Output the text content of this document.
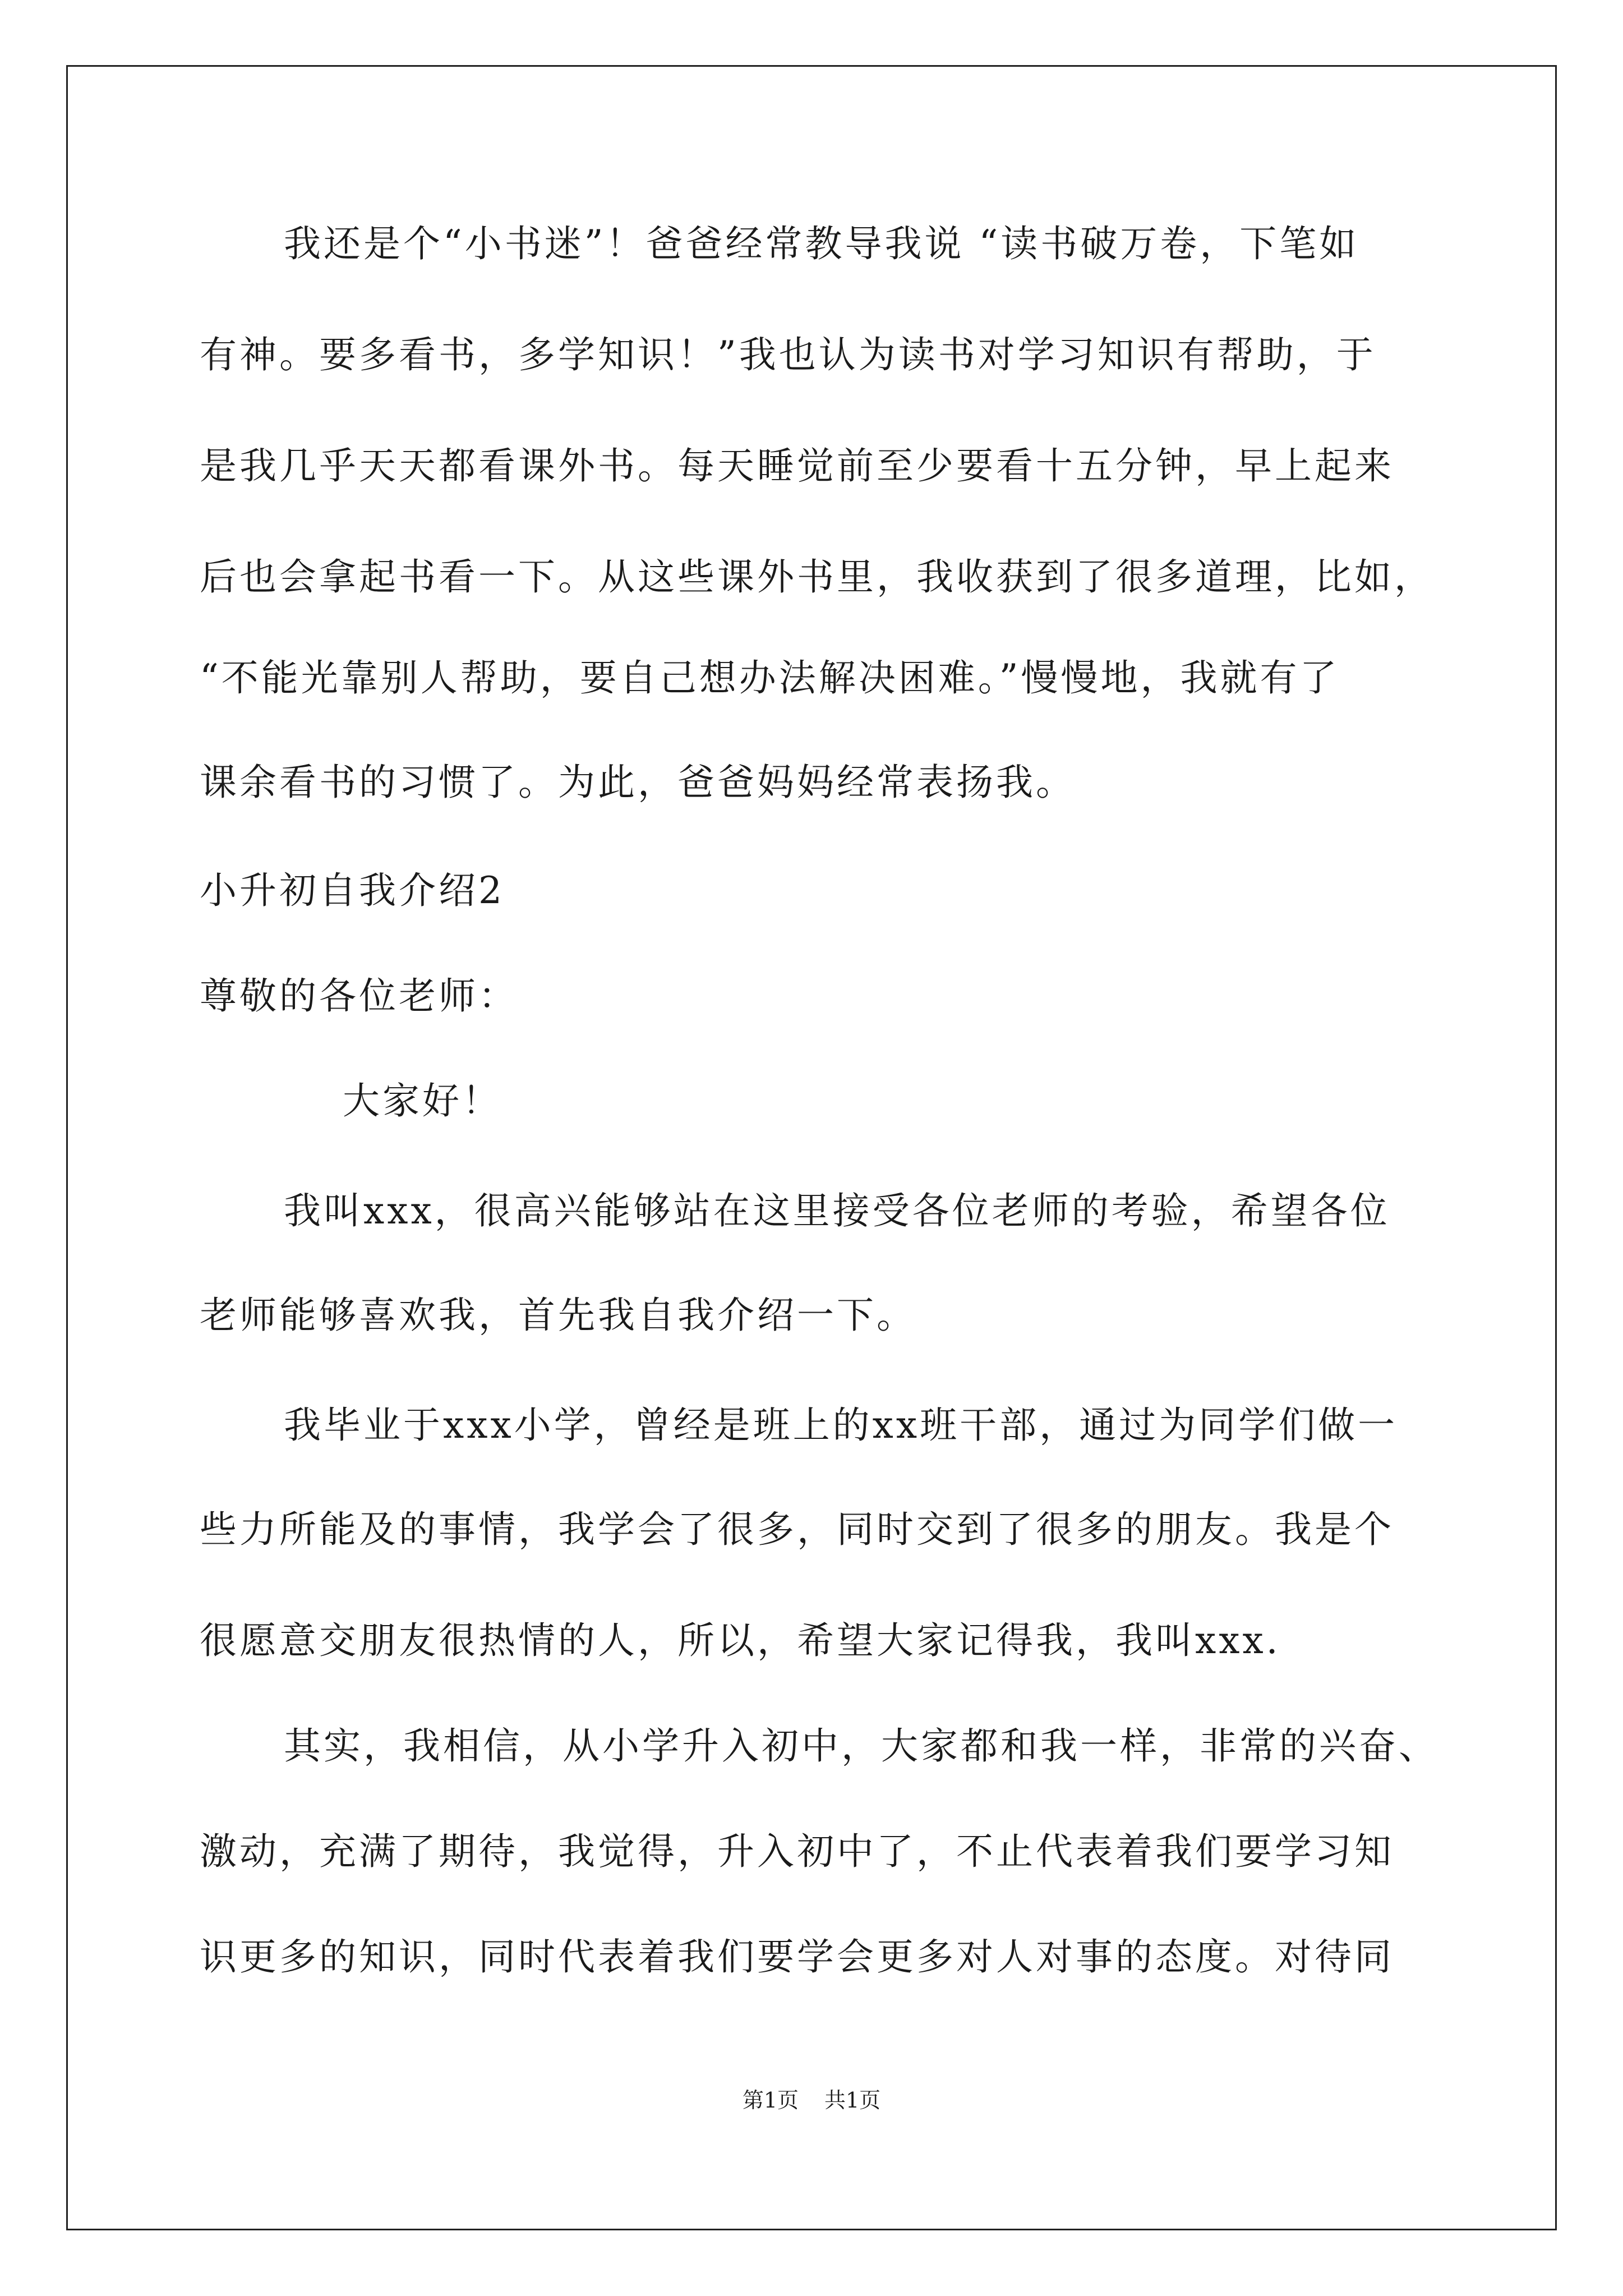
我还是个“小书迷”！爸爸经常教导我说 “读书破万卷，下笔如
有神。要多看书，多学知识！”我也认为读书对学习知识有帮助，于
是我几乎天天都看课外书。每天睡觉前至少要看十五分钟，早上起来
后也会拿起书看一下。从这些课外书里，我收获到了很多道理，比如，
“不能光靠别人帮助，要自己想办法解决困难。”慢慢地，我就有了
课余看书的习惯了。为此，爸爸妈妈经常表扬我。
小升初自我介绍2
尊敬的各位老师：
大家好！
我叫xxx，很高兴能够站在这里接受各位老师的考验，希望各位
老师能够喜欢我，首先我自我介绍一下。
我毕业于xxx小学，曾经是班上的xx班干部，通过为同学们做一
些力所能及的事情，我学会了很多，同时交到了很多的朋友。我是个
很愿意交朋友很热情的人，所以，希望大家记得我，我叫xxx.
其实，我相信，从小学升入初中，大家都和我一样，非常的兴奋、
激动，充满了期待，我觉得，升入初中了，不止代表着我们要学习知
识更多的知识，同时代表着我们要学会更多对人对事的态度。对待同
第1页 共1页
